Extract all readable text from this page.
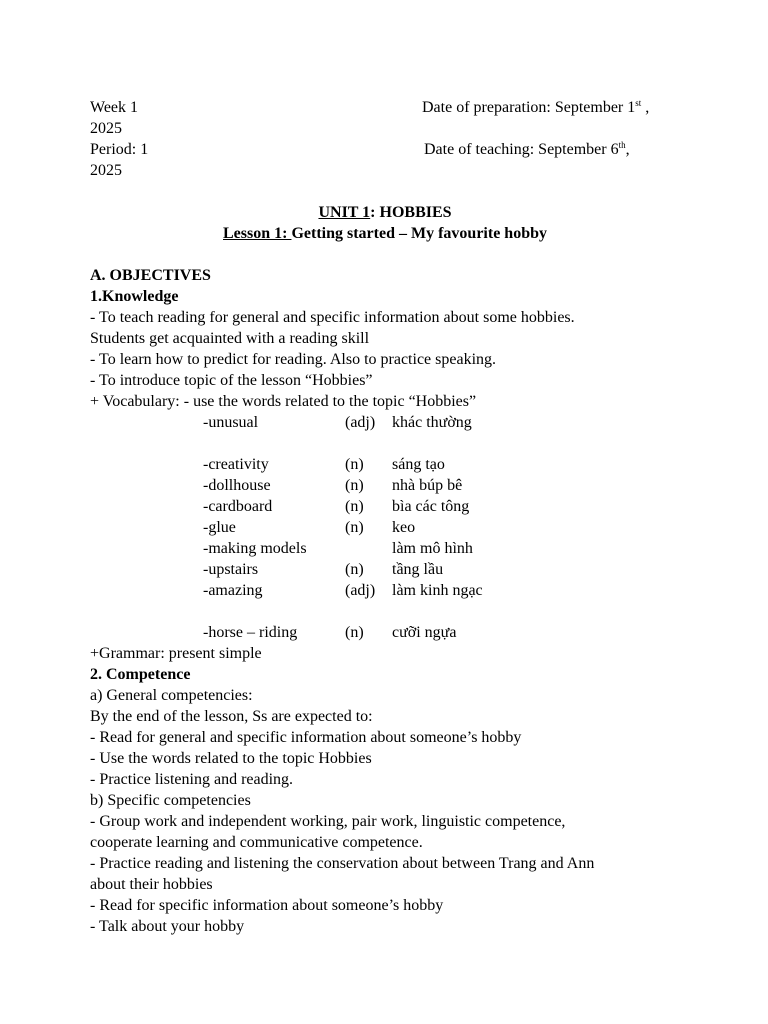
Week 1	Date of preparation: September 1st ,
2025
Period: 1	Date of teaching: September 6th,
2025
UNIT 1: HOBBIES
Lesson 1: Getting started – My favourite hobby
A. OBJECTIVES
1.Knowledge
- To teach reading for general and specific information about some hobbies.
Students get acquainted with a reading skill
- To learn how to predict for reading. Also to practice speaking.
- To introduce topic of the lesson “Hobbies”
+ Vocabulary: - use the words related to the topic “Hobbies”
-unusual	(adj)	khác thường
-creativity	(n) sáng tạo
-dollhouse	(n) nhà búp bê
-cardboard	(n) bìa các tông
-glue	(n) keo
-making models	làm mô hình
-upstairs	(n) tầng lầu
-amazing	(adj)	làm kinh ngạc
-horse – riding	(n) cưỡi ngựa
+Grammar: present simple
2. Competence
a) General competencies:
By the end of the lesson, Ss are expected to:
- Read for general and specific information about someone’s hobby
- Use the words related to the topic Hobbies
- Practice listening and reading.
b) Specific competencies
- Group work and independent working, pair work, linguistic competence,
cooperate learning and communicative competence.
- Practice reading and listening the conservation about between Trang and Ann
about their hobbies
- Read for specific information about someone’s hobby
- Talk about your hobby
